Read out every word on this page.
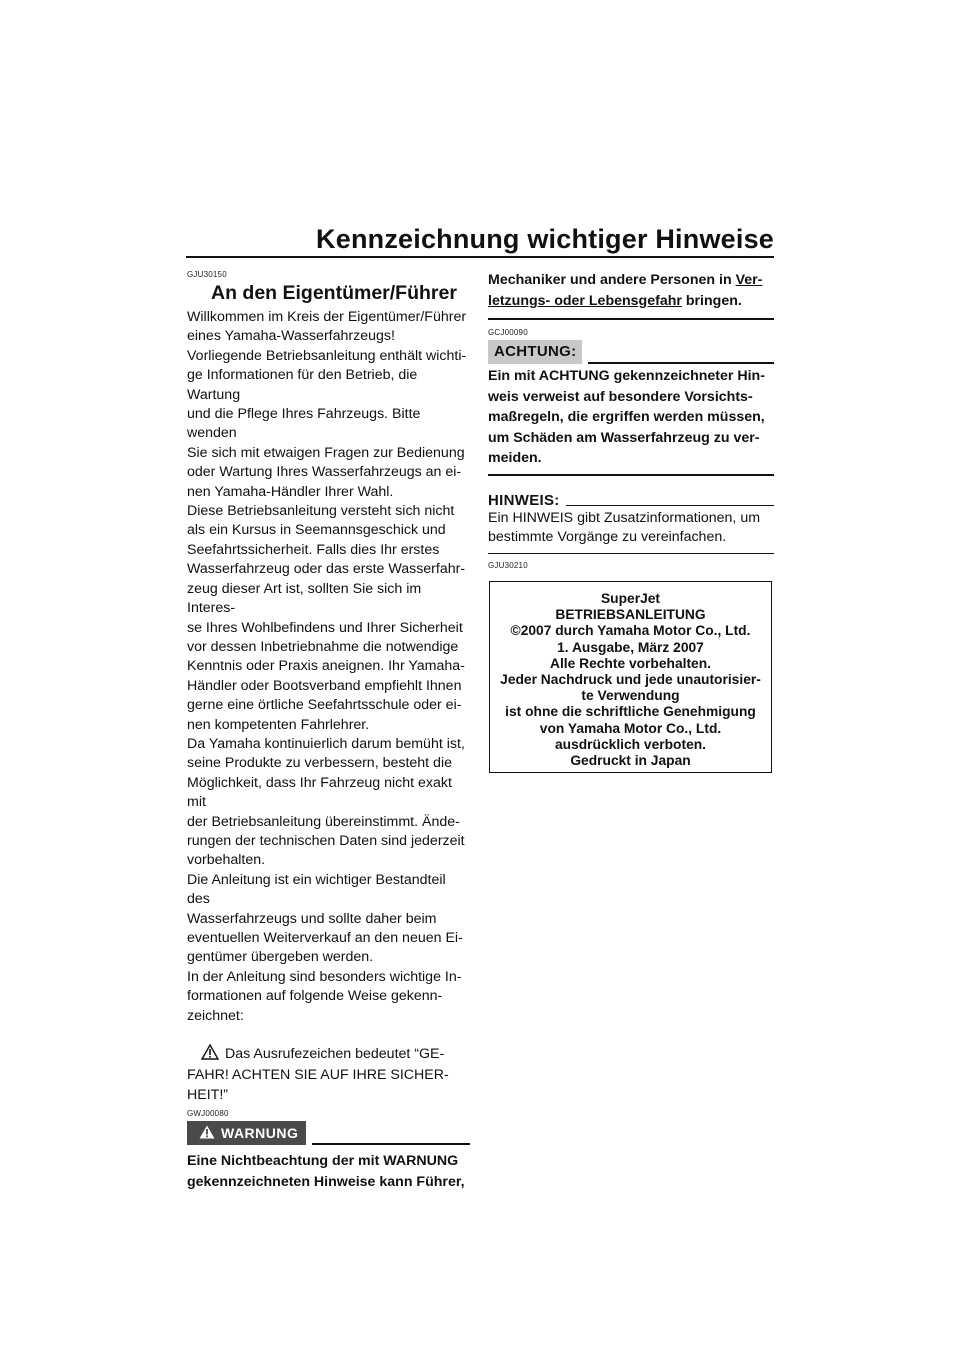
Kennzeichnung wichtiger Hinweise
GJU30150
An den Eigentümer/Führer

Willkommen im Kreis der Eigentümer/Führer

eines Yamaha-Wasserfahrzeugs!

Vorliegende Betriebsanleitung enthält wichti-

ge Informationen für den Betrieb, die Wartung

und die Pflege Ihres Fahrzeugs. Bitte wenden

Sie sich mit etwaigen Fragen zur Bedienung

oder Wartung Ihres Wasserfahrzeugs an ei-

nen Yamaha-Händler Ihrer Wahl.

Diese Betriebsanleitung versteht sich nicht

als ein Kursus in Seemannsgeschick und

Seefahrtssicherheit. Falls dies Ihr erstes

Wasserfahrzeug oder das erste Wasserfahr-

zeug dieser Art ist, sollten Sie sich im Interes-

se Ihres Wohlbefindens und Ihrer Sicherheit

vor dessen Inbetriebnahme die notwendige

Kenntnis oder Praxis aneignen. Ihr Yamaha-

Händler oder Bootsverband empfiehlt Ihnen

gerne eine örtliche Seefahrtsschule oder ei-

nen kompetenten Fahrlehrer.

Da Yamaha kontinuierlich darum bemüht ist,

seine Produkte zu verbessern, besteht die

Möglichkeit, dass Ihr Fahrzeug nicht exakt mit

der Betriebsanleitung übereinstimmt. Ände-

rungen der technischen Daten sind jederzeit

vorbehalten.

Die Anleitung ist ein wichtiger Bestandteil des

Wasserfahrzeugs und sollte daher beim

eventuellen Weiterverkauf an den neuen Ei-

gentümer übergeben werden.

In der Anleitung sind besonders wichtige In-

formationen auf folgende Weise gekenn-

zeichnet:

Das Ausrufezeichen bedeutet “GE-
FAHR! ACHTEN SIE AUF IHRE SICHER-
HEIT!”
GWJ00080
WARNUNG

Eine Nichtbeachtung der mit WARNUNG

gekennzeichneten Hinweise kann Führer,

Mechaniker und andere Personen in Ver-

letzungs- oder Lebensgefahr bringen.

GCJ00090
ACHTUNG:

Ein mit ACHTUNG gekennzeichneter Hin-

weis verweist auf besondere Vorsichts-

maßregeln, die ergriffen werden müssen,

um Schäden am Wasserfahrzeug zu ver-

meiden.

HINWEIS:

Ein HINWEIS gibt Zusatzinformationen, um

bestimmte Vorgänge zu vereinfachen.

GJU30210
SuperJet
BETRIEBSANLEITUNG
©2007 durch Yamaha Motor Co., Ltd.
1. Ausgabe, März 2007
Alle Rechte vorbehalten.
Jeder Nachdruck und jede unautorisier-
te Verwendung
ist ohne die schriftliche Genehmigung
von Yamaha Motor Co., Ltd.
ausdrücklich verboten.
Gedruckt in Japan
